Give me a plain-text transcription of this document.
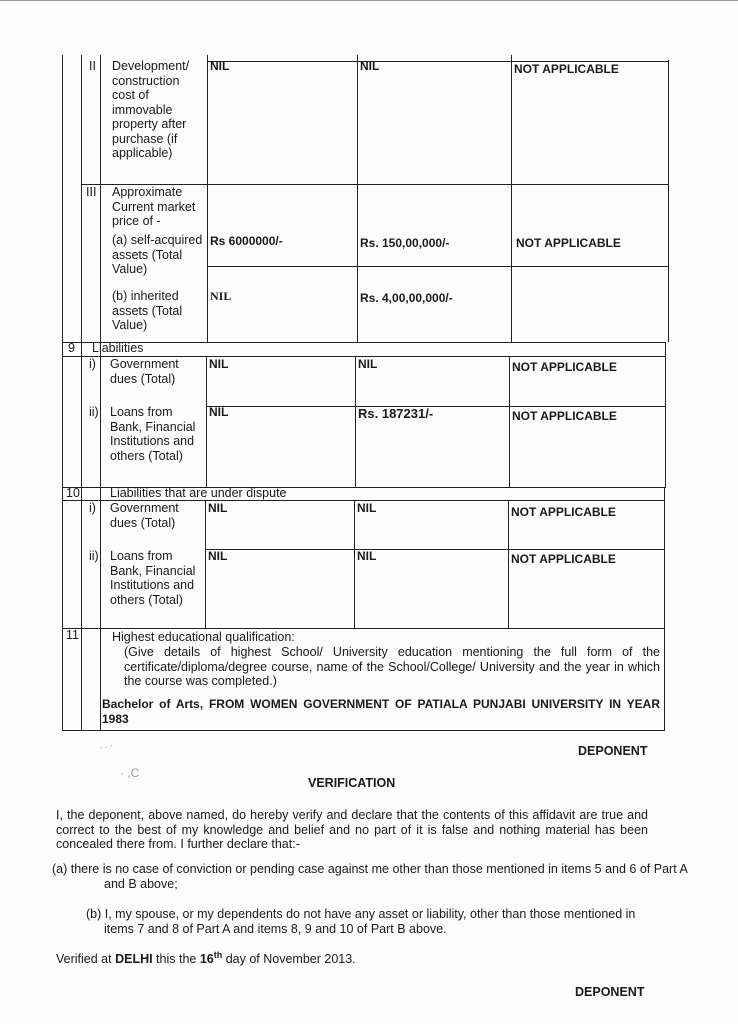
II Development/ construction cost of immovable property after purchase (if applicable)
NIL	NIL	NOT APPLICABLE
III Approximate Current market price of -
(a) self-acquired assets (Total Value)
Rs 6000000/-	Rs. 150,00,000/-	NOT APPLICABLE
(b) inherited assets (Total Value)
NIL	Rs. 4,00,00,000/-
9 Liabilities
i) Government dues (Total)
NIL	NIL	NOT APPLICABLE
ii) Loans from Bank, Financial Institutions and others (Total)
NIL	Rs. 187231/-	NOT APPLICABLE
10 Liabilities that are under dispute
i) Government dues (Total)
NIL	NIL	NOT APPLICABLE
ii) Loans from Bank, Financial Institutions and others (Total)
NIL	NIL	NOT APPLICABLE
11	Highest educational qualification:
(Give details of highest School/ University education mentioning the full form of the certificate/diploma/degree course, name of the School/College/ University and the year in which the course was completed.)
Bachelor of Arts, FROM WOMEN GOVERNMENT OF PATIALA PUNJABI UNIVERSITY IN YEAR 1983
DEPONENT
. . ·
· ,C
VERIFICATION
I, the deponent, above named, do hereby verify and declare that the contents of this affidavit are true and correct to the best of my knowledge and belief and no part of it is false and nothing material has been concealed there from. I further declare that:-
(a) there is no case of conviction or pending case against me other than those mentioned in items 5 and 6 of Part A and B above;
(b) I, my spouse, or my dependents do not have any asset or liability, other than those mentioned in items 7 and 8 of Part A and items 8, 9 and 10 of Part B above.
Verified at DELHI this the 16th day of November 2013.
DEPONENT
